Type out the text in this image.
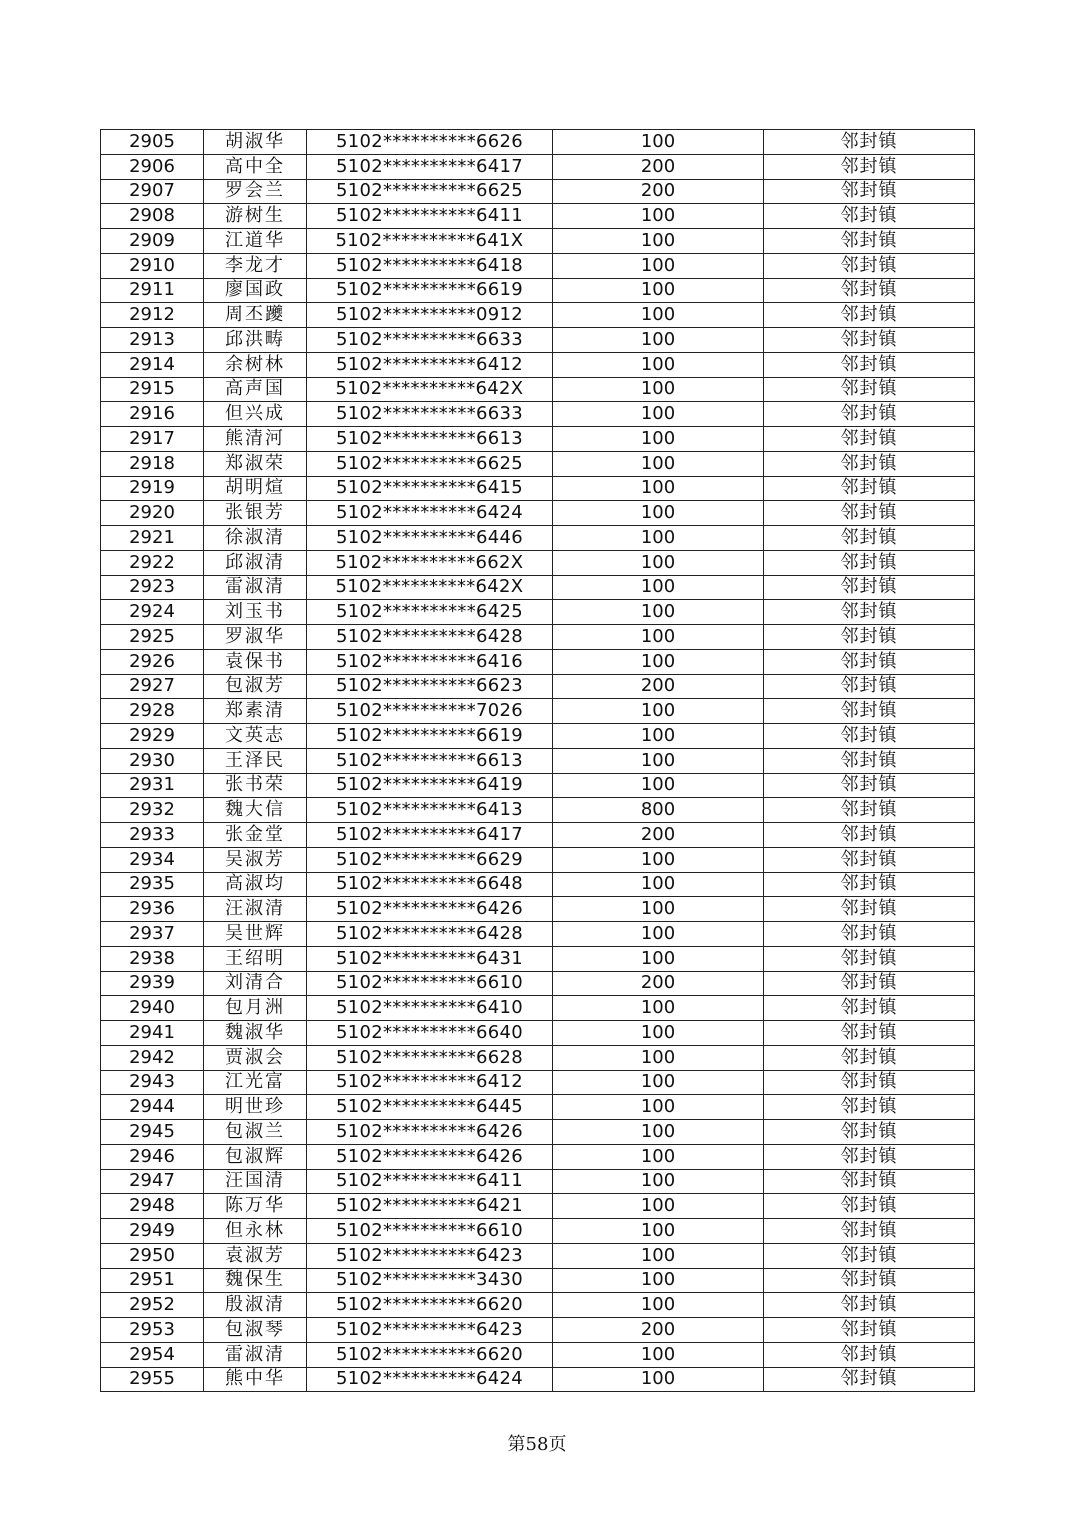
2905	胡淑华	5102**********6626	100	邻封镇
2906	高中全	5102**********6417	200	邻封镇
2907	罗会兰	5102**********6625	200	邻封镇
2908	游树生	5102**********6411	100	邻封镇
2909	江道华	5102**********641X	100	邻封镇
2910	李龙才	5102**********6418	100	邻封镇
2911	廖国政	5102**********6619	100	邻封镇
2912	周丕躨	5102**********0912	100	邻封镇
2913	邱洪畴	5102**********6633	100	邻封镇
2914	余树林	5102**********6412	100	邻封镇
2915	高声国	5102**********642X	100	邻封镇
2916	但兴成	5102**********6633	100	邻封镇
2917	熊清河	5102**********6613	100	邻封镇
2918	郑淑荣	5102**********6625	100	邻封镇
2919	胡明煊	5102**********6415	100	邻封镇
2920	张银芳	5102**********6424	100	邻封镇
2921	徐淑清	5102**********6446	100	邻封镇
2922	邱淑清	5102**********662X	100	邻封镇
2923	雷淑清	5102**********642X	100	邻封镇
2924	刘玉书	5102**********6425	100	邻封镇
2925	罗淑华	5102**********6428	100	邻封镇
2926	袁保书	5102**********6416	100	邻封镇
2927	包淑芳	5102**********6623	200	邻封镇
2928	郑素清	5102**********7026	100	邻封镇
2929	文英志	5102**********6619	100	邻封镇
2930	王泽民	5102**********6613	100	邻封镇
2931	张书荣	5102**********6419	100	邻封镇
2932	魏大信	5102**********6413	800	邻封镇
2933	张金堂	5102**********6417	200	邻封镇
2934	吴淑芳	5102**********6629	100	邻封镇
2935	高淑均	5102**********6648	100	邻封镇
2936	汪淑清	5102**********6426	100	邻封镇
2937	吴世辉	5102**********6428	100	邻封镇
2938	王绍明	5102**********6431	100	邻封镇
2939	刘清合	5102**********6610	200	邻封镇
2940	包月洲	5102**********6410	100	邻封镇
2941	魏淑华	5102**********6640	100	邻封镇
2942	贾淑会	5102**********6628	100	邻封镇
2943	江光富	5102**********6412	100	邻封镇
2944	明世珍	5102**********6445	100	邻封镇
2945	包淑兰	5102**********6426	100	邻封镇
2946	包淑辉	5102**********6426	100	邻封镇
2947	汪国清	5102**********6411	100	邻封镇
2948	陈万华	5102**********6421	100	邻封镇
2949	但永林	5102**********6610	100	邻封镇
2950	袁淑芳	5102**********6423	100	邻封镇
2951	魏保生	5102**********3430	100	邻封镇
2952	殷淑清	5102**********6620	100	邻封镇
2953	包淑琴	5102**********6423	200	邻封镇
2954	雷淑清	5102**********6620	100	邻封镇
2955	熊中华	5102**********6424	100	邻封镇
第58页
